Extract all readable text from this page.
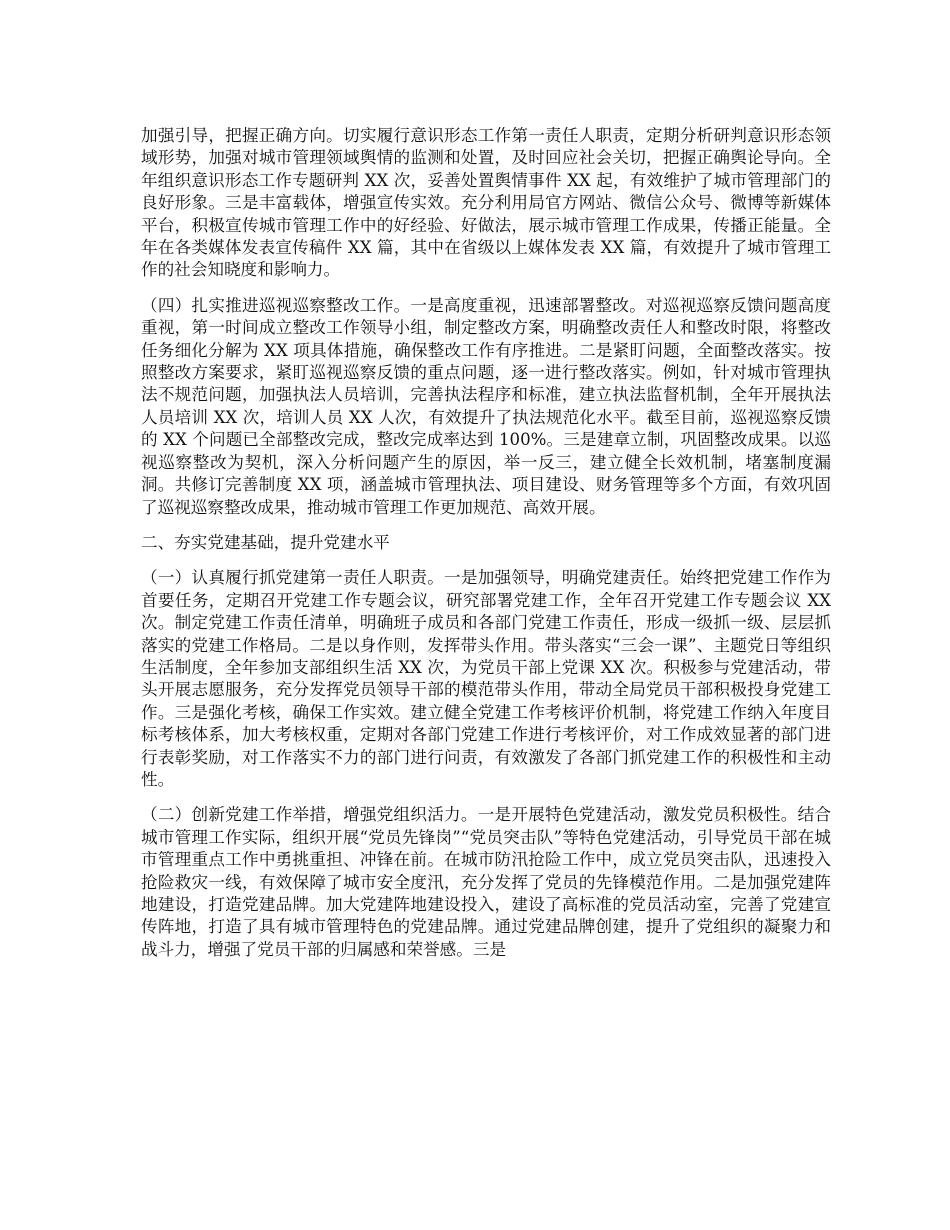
加强引导，把握正确方向。切实履行意识形态工作第一责任人职责，定期分析研判意识形态领域形势，加强对城市管理领域舆情的监测和处置，及时回应社会关切，把握正确舆论导向。全年组织意识形态工作专题研判 XX 次，妥善处置舆情事件 XX 起，有效维护了城市管理部门的良好形象。三是丰富载体，增强宣传实效。充分利用局官方网站、微信公众号、微博等新媒体平台，积极宣传城市管理工作中的好经验、好做法，展示城市管理工作成果，传播正能量。全年在各类媒体发表宣传稿件 XX 篇，其中在省级以上媒体发表 XX 篇，有效提升了城市管理工作的社会知晓度和影响力。

（四）扎实推进巡视巡察整改工作。一是高度重视，迅速部署整改。对巡视巡察反馈问题高度重视，第一时间成立整改工作领导小组，制定整改方案，明确整改责任人和整改时限，将整改任务细化分解为 XX 项具体措施，确保整改工作有序推进。二是紧盯问题，全面整改落实。按照整改方案要求，紧盯巡视巡察反馈的重点问题，逐一进行整改落实。例如，针对城市管理执法不规范问题，加强执法人员培训，完善执法程序和标准，建立执法监督机制，全年开展执法人员培训 XX 次，培训人员 XX 人次，有效提升了执法规范化水平。截至目前，巡视巡察反馈的 XX 个问题已全部整改完成，整改完成率达到 100%。三是建章立制，巩固整改成果。以巡视巡察整改为契机，深入分析问题产生的原因，举一反三，建立健全长效机制，堵塞制度漏洞。共修订完善制度 XX 项，涵盖城市管理执法、项目建设、财务管理等多个方面，有效巩固了巡视巡察整改成果，推动城市管理工作更加规范、高效开展。

二、夯实党建基础，提升党建水平

（一）认真履行抓党建第一责任人职责。一是加强领导，明确党建责任。始终把党建工作作为首要任务，定期召开党建工作专题会议，研究部署党建工作，全年召开党建工作专题会议 XX 次。制定党建工作责任清单，明确班子成员和各部门党建工作责任，形成一级抓一级、层层抓落实的党建工作格局。二是以身作则，发挥带头作用。带头落实“三会一课”、主题党日等组织生活制度，全年参加支部组织生活 XX 次，为党员干部上党课 XX 次。积极参与党建活动，带头开展志愿服务，充分发挥党员领导干部的模范带头作用，带动全局党员干部积极投身党建工作。三是强化考核，确保工作实效。建立健全党建工作考核评价机制，将党建工作纳入年度目标考核体系，加大考核权重，定期对各部门党建工作进行考核评价，对工作成效显著的部门进行表彰奖励，对工作落实不力的部门进行问责，有效激发了各部门抓党建工作的积极性和主动性。

（二）创新党建工作举措，增强党组织活力。一是开展特色党建活动，激发党员积极性。结合城市管理工作实际，组织开展“党员先锋岗”“党员突击队”等特色党建活动，引导党员干部在城市管理重点工作中勇挑重担、冲锋在前。在城市防汛抢险工作中，成立党员突击队，迅速投入抢险救灾一线，有效保障了城市安全度汛，充分发挥了党员的先锋模范作用。二是加强党建阵地建设，打造党建品牌。加大党建阵地建设投入，建设了高标准的党员活动室，完善了党建宣传阵地，打造了具有城市管理特色的党建品牌。通过党建品牌创建，提升了党组织的凝聚力和战斗力，增强了党员干部的归属感和荣誉感。三是
